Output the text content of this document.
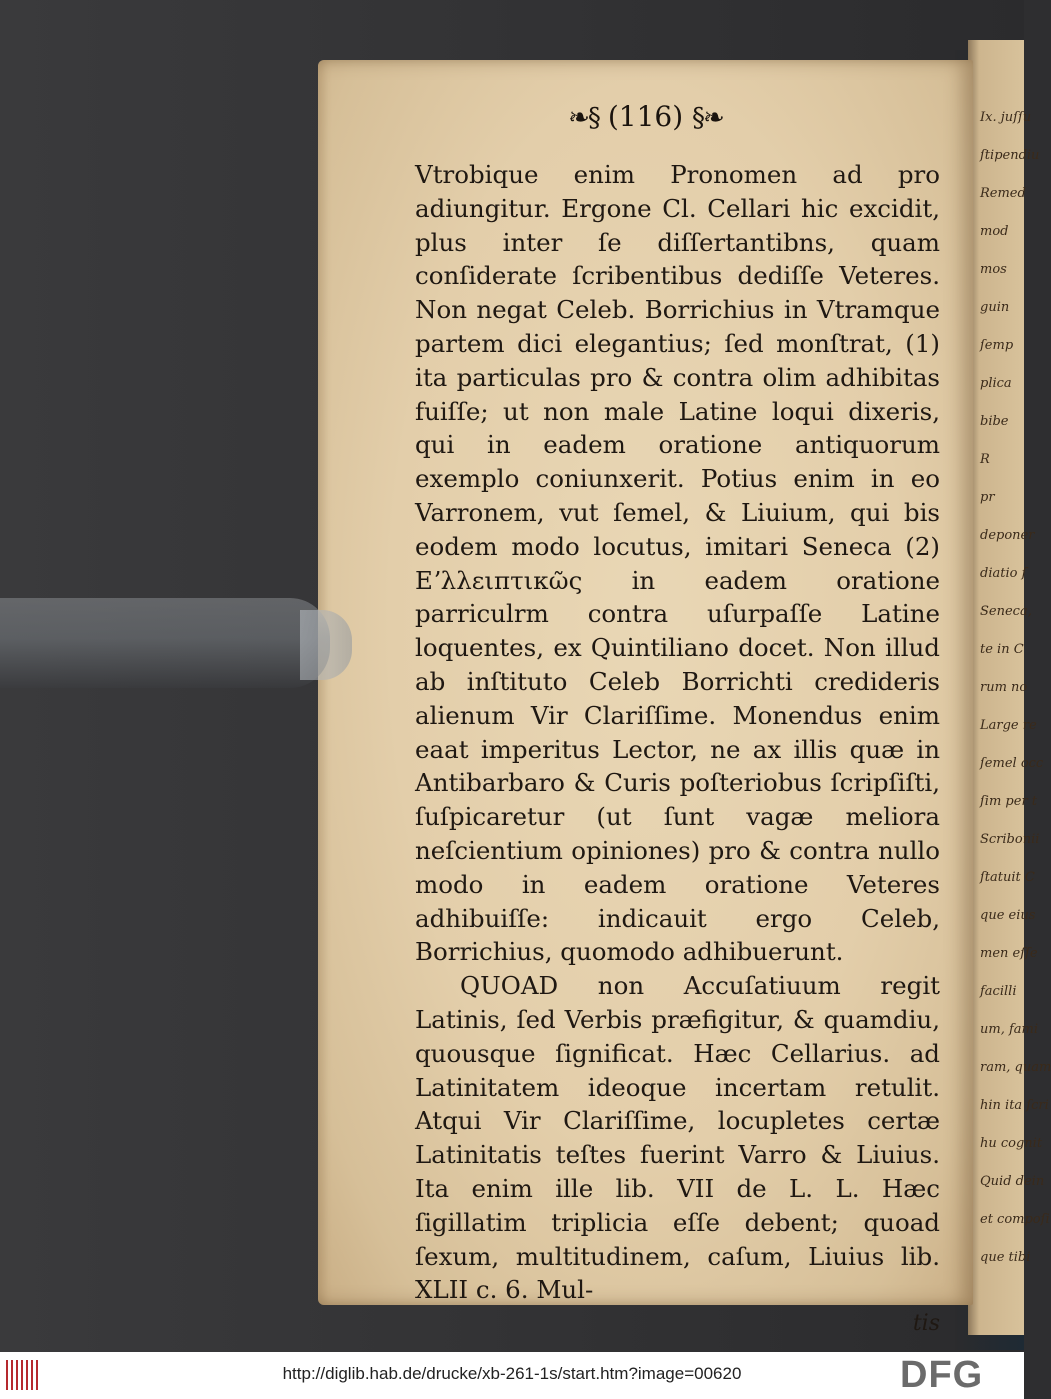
Ix. juſſu
ſtipendiu
Remed
mod
mos
guin
ſemp
plica
bibe
R
pr
deponer
diatio ſ
Seneca,
te in C
rum no
Large re
ſemel occ
ſim per t
Scribonii
ſtatuit C
que eius
men eſſe
facilli
um, fami
ram, quam
hin ita ſcri
hu cognit
Quid dein
et compoſi
que tibi
❧§ (116) §❧

Vtrobique enim Pronomen ad pro adiungitur. Ergone Cl. Cellari hic excidit, plus inter ſe diſſertantibns, quam conſiderate ſcribentibus dediſſe Veteres. Non negat Celeb. Borrichius in Vtramque partem dici elegantius; ſed monſtrat, (1) ita particulas pro & contra olim adhibitas fuiſſe; ut non male Latine loqui dixeris, qui in eadem oratione antiquorum exemplo coniunxerit. Potius enim in eo Varronem, vut ſemel, & Liuium, qui bis eodem modo locutus, imitari Seneca (2) Eʼλλειπτικῶς in eadem oratione parriculrm contra uſurpaſſe Latine loquentes, ex Quintiliano docet. Non illud ab inſtituto Celeb Borrichti credideris alienum Vir Clariſſime. Monendus enim eaat imperitus Lector, ne ax illis quæ in Antibarbaro & Curis poſteriobus ſcripſiſti, ſuſpicaretur (ut ſunt vagæ meliora neſcientium opiniones) pro & contra nullo modo in eadem oratione Veteres adhibuiſſe: indicauit ergo Celeb, Borrichius, quomodo adhibuerunt.

QUOAD non Accuſatiuum regit Latinis, ſed Verbis præfigitur, & quamdiu, quousque ſignificat. Hæc Cellarius. ad Latinitatem ideoque incertam retulit. Atqui Vir Clariſſime, locupletes certæ Latinitatis teſtes fuerint Varro & Liuius. Ita enim ille lib. VII de L. L. Hæc ſigillatim triplicia eſſe debent; quoad ſexum, multitudinem, caſum, Liuius lib. XLII c. 6. Mul-

tis

http://diglib.hab.de/drucke/xb-261-1s/start.htm?image=00620	DFG
